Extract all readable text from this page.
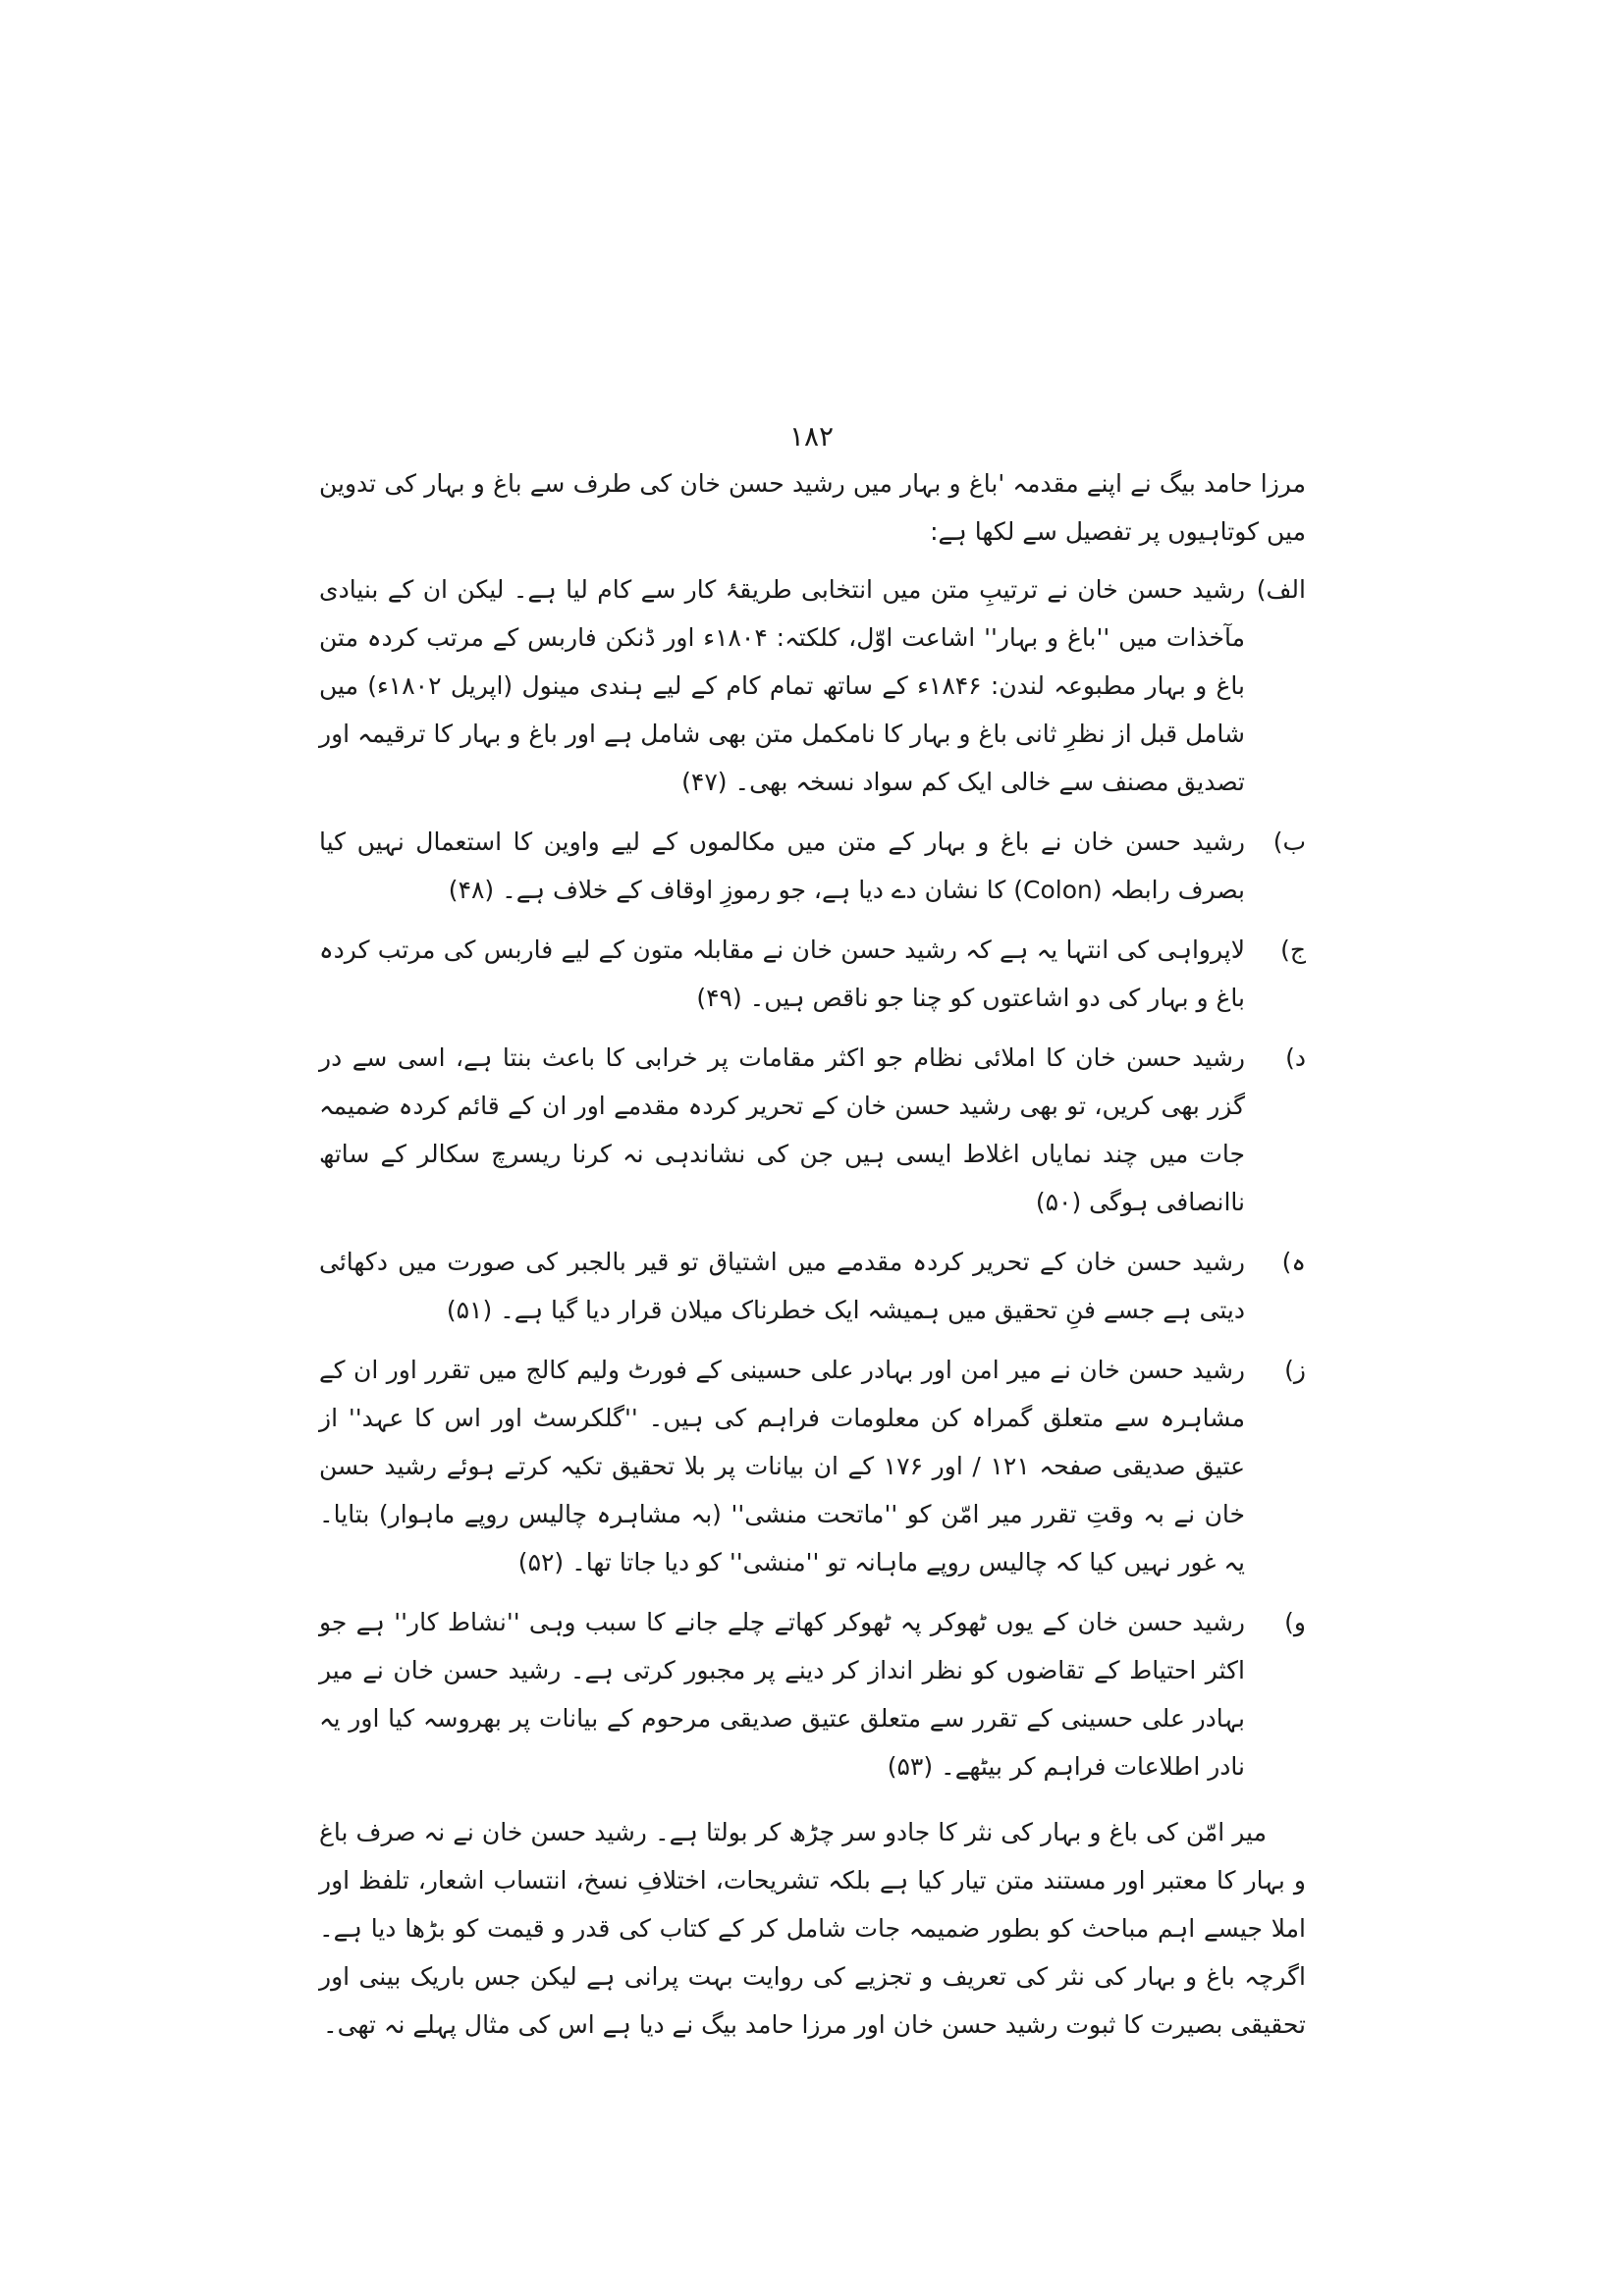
۱۸۲

مرزا حامد بیگ نے اپنے مقدمہ 'باغ و بہار میں رشید حسن خان کی طرف سے باغ و بہار کی تدوین میں کوتاہیوں پر تفصیل سے لکھا ہے:

الف)
رشید حسن خان نے ترتیبِ متن میں انتخابی طریقۂ کار سے کام لیا ہے۔ لیکن ان کے بنیادی مآخذات میں ''باغ و بہار'' اشاعت اوّل، کلکتہ: ۱۸۰۴ء اور ڈنکن فاربس کے مرتب کردہ متن باغ و بہار مطبوعہ لندن: ۱۸۴۶ء کے ساتھ تمام کام کے لیے ہندی مینول (اپریل ۱۸۰۲ء) میں شامل قبل از نظرِ ثانی باغ و بہار کا نامکمل متن بھی شامل ہے اور باغ و بہار کا ترقیمہ اور تصدیق مصنف سے خالی ایک کم سواد نسخہ بھی۔ (۴۷)
ب)
رشید حسن خان نے باغ و بہار کے متن میں مکالموں کے لیے واوین کا استعمال نہیں کیا بصرف رابطہ (Colon) کا نشان دے دیا ہے، جو رموزِ اوقاف کے خلاف ہے۔ (۴۸)
ج)
لاپرواہی کی انتہا یہ ہے کہ رشید حسن خان نے مقابلہ متون کے لیے فاربس کی مرتب کردہ باغ و بہار کی دو اشاعتوں کو چنا جو ناقص ہیں۔ (۴۹)
د)
رشید حسن خان کا املائی نظام جو اکثر مقامات پر خرابی کا باعث بنتا ہے، اسی سے در گزر بھی کریں، تو بھی رشید حسن خان کے تحریر کردہ مقدمے اور ان کے قائم کردہ ضمیمہ جات میں چند نمایاں اغلاط ایسی ہیں جن کی نشاندہی نہ کرنا ریسرچ سکالر کے ساتھ ناانصافی ہوگی (۵۰)
ہ)
رشید حسن خان کے تحریر کردہ مقدمے میں اشتیاق تو قیر بالجبر کی صورت میں دکھائی دیتی ہے جسے فنِ تحقیق میں ہمیشہ ایک خطرناک میلان قرار دیا گیا ہے۔ (۵۱)
ز)
رشید حسن خان نے میر امن اور بہادر علی حسینی کے فورٹ ولیم کالج میں تقرر اور ان کے مشاہرہ سے متعلق گمراہ کن معلومات فراہم کی ہیں۔ ''گلکرسٹ اور اس کا عہد'' از عتیق صدیقی صفحہ ۱۲۱ / اور ۱۷۶ کے ان بیانات پر بلا تحقیق تکیہ کرتے ہوئے رشید حسن خان نے بہ وقتِ تقرر میر امّن کو ''ماتحت منشی'' (بہ مشاہرہ چالیس روپے ماہوار) بتایا۔ یہ غور نہیں کیا کہ چالیس روپے ماہانہ تو ''منشی'' کو دیا جاتا تھا۔ (۵۲)
و)
رشید حسن خان کے یوں ٹھوکر پہ ٹھوکر کھاتے چلے جانے کا سبب وہی ''نشاط کار'' ہے جو اکثر احتیاط کے تقاضوں کو نظر انداز کر دینے پر مجبور کرتی ہے۔ رشید حسن خان نے میر بہادر علی حسینی کے تقرر سے متعلق عتیق صدیقی مرحوم کے بیانات پر بھروسہ کیا اور یہ نادر اطلاعات فراہم کر بیٹھے۔ (۵۳)

میر امّن کی باغ و بہار کی نثر کا جادو سر چڑھ کر بولتا ہے۔ رشید حسن خان نے نہ صرف باغ و بہار کا معتبر اور مستند متن تیار کیا ہے بلکہ تشریحات، اختلافِ نسخ، انتساب اشعار، تلفظ اور املا جیسے اہم مباحث کو بطور ضمیمہ جات شامل کر کے کتاب کی قدر و قیمت کو بڑھا دیا ہے۔ اگرچہ باغ و بہار کی نثر کی تعریف و تجزیے کی روایت بہت پرانی ہے لیکن جس باریک بینی اور تحقیقی بصیرت کا ثبوت رشید حسن خان اور مرزا حامد بیگ نے دیا ہے اس کی مثال پہلے نہ تھی۔
